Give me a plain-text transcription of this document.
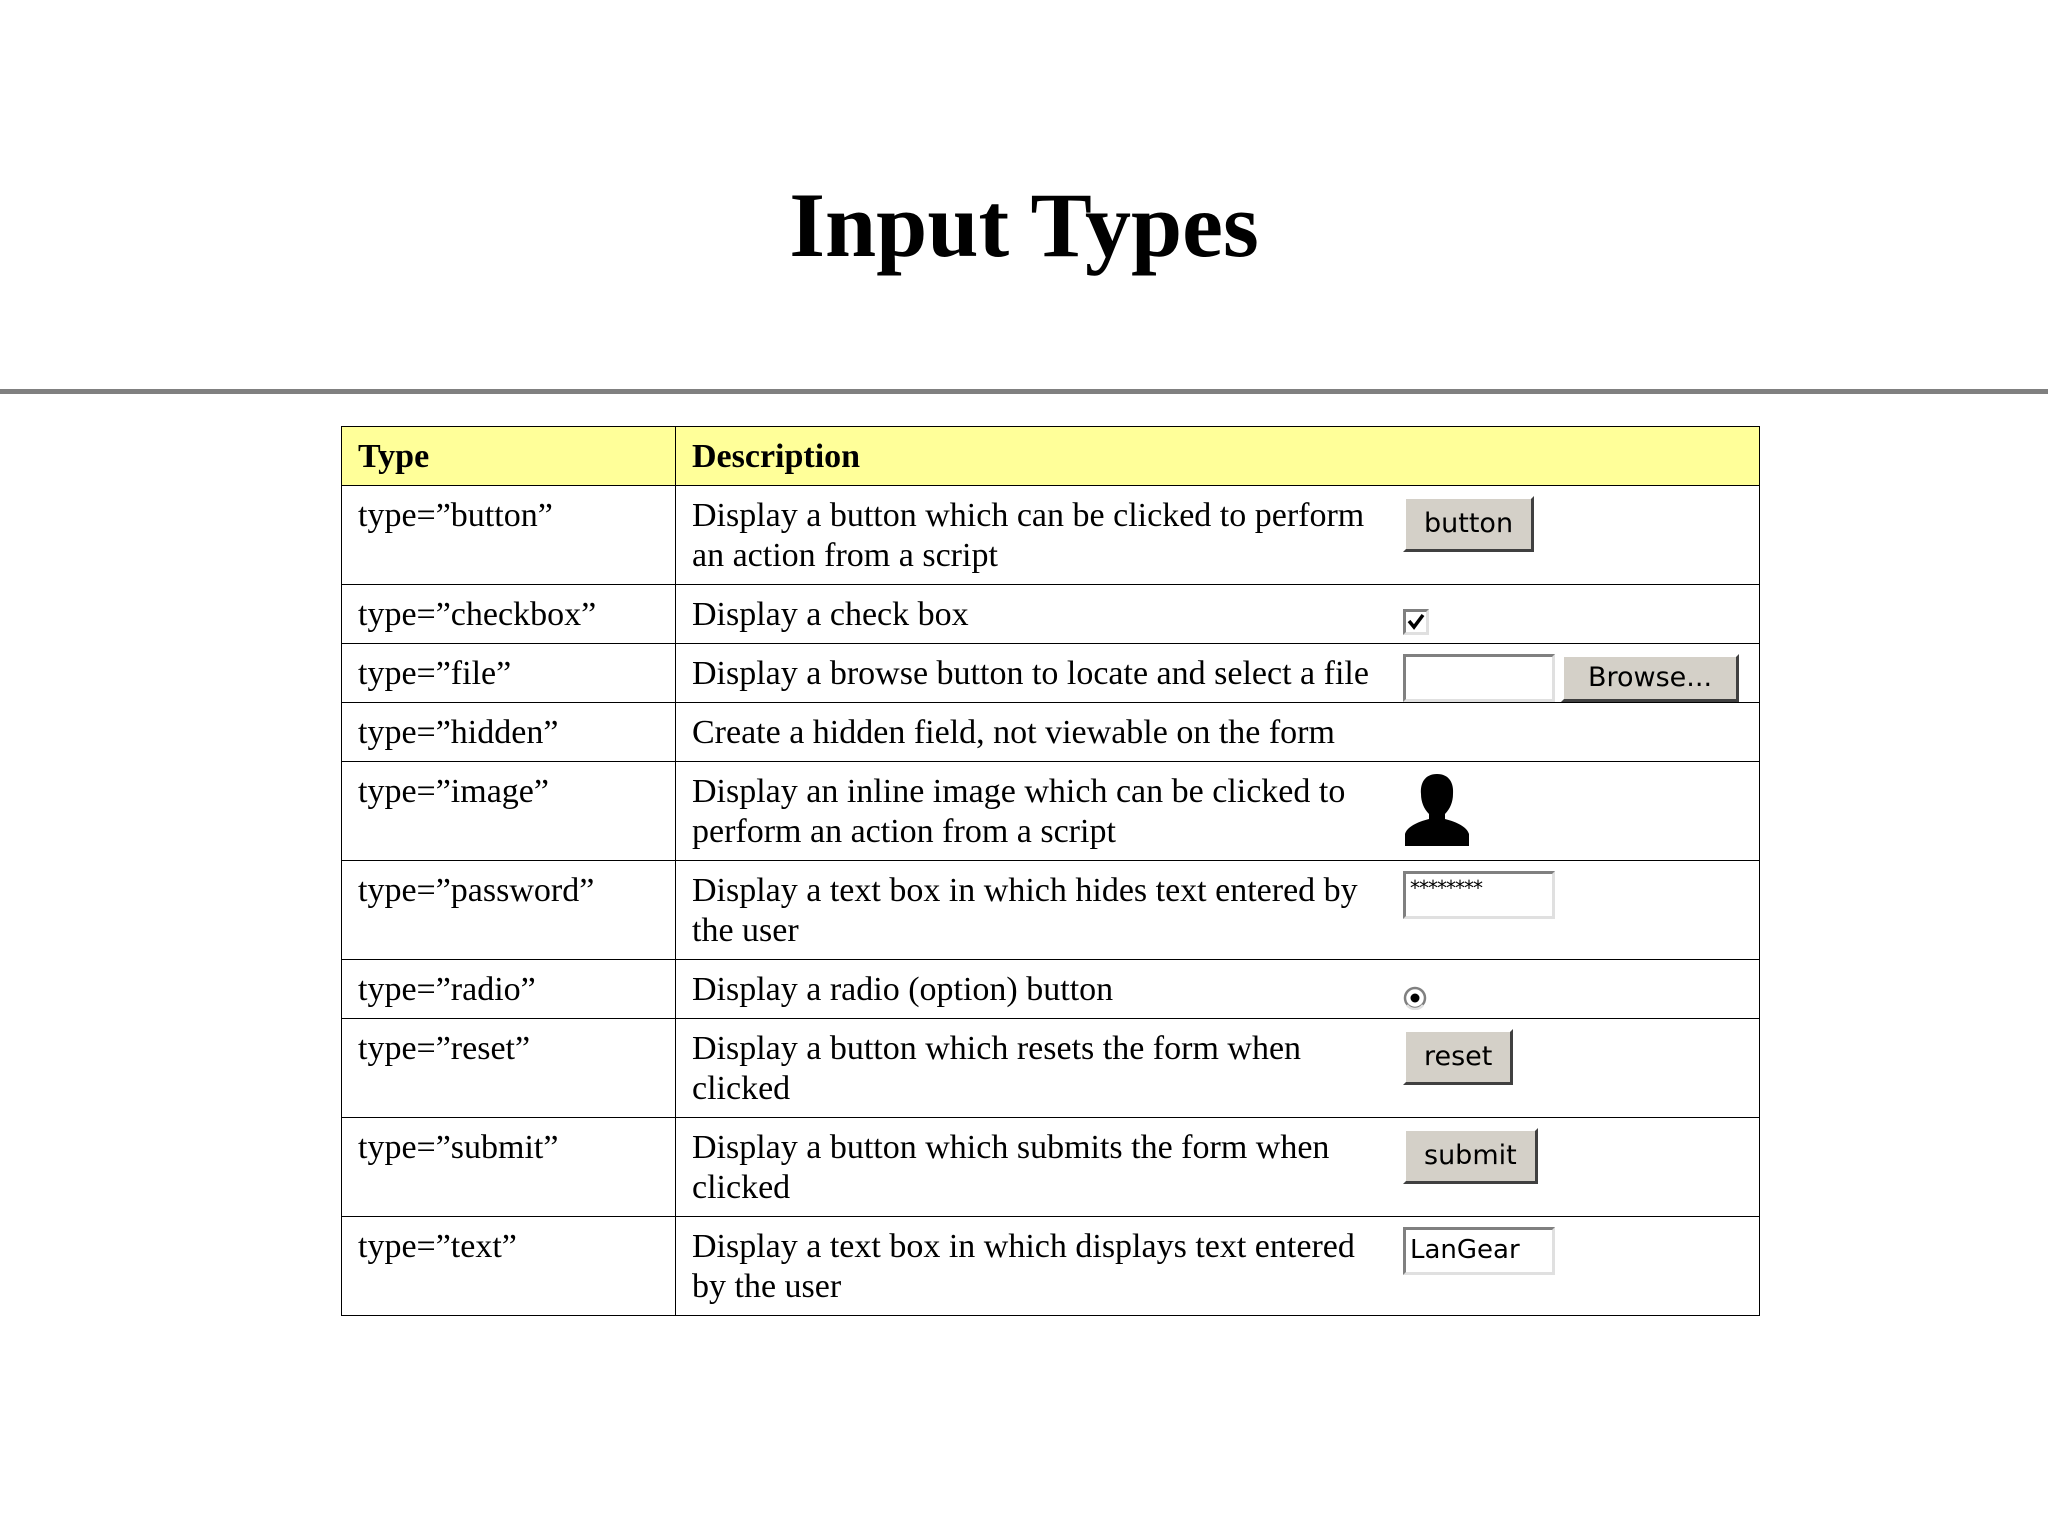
Input Types
Type	Description
type=”button”	Display a button which can be clicked to perform an action from a script
button

type=”checkbox”	Display a check box

type=”file”	Display a browse button to locate and select a file Browse...

type=”hidden”	Create a hidden field, not viewable on the form

type=”image”	Display an inline image which can be clicked to perform an action from a script

type=”password”	Display a text box in which hides text entered by the user
********

type=”radio”	Display a radio (option) button

type=”reset”	Display a button which resets the form when clicked
reset

type=”submit”	Display a button which submits the form when clicked
submit

type=”text”	Display a text box in which displays text entered by the user
LanGear
